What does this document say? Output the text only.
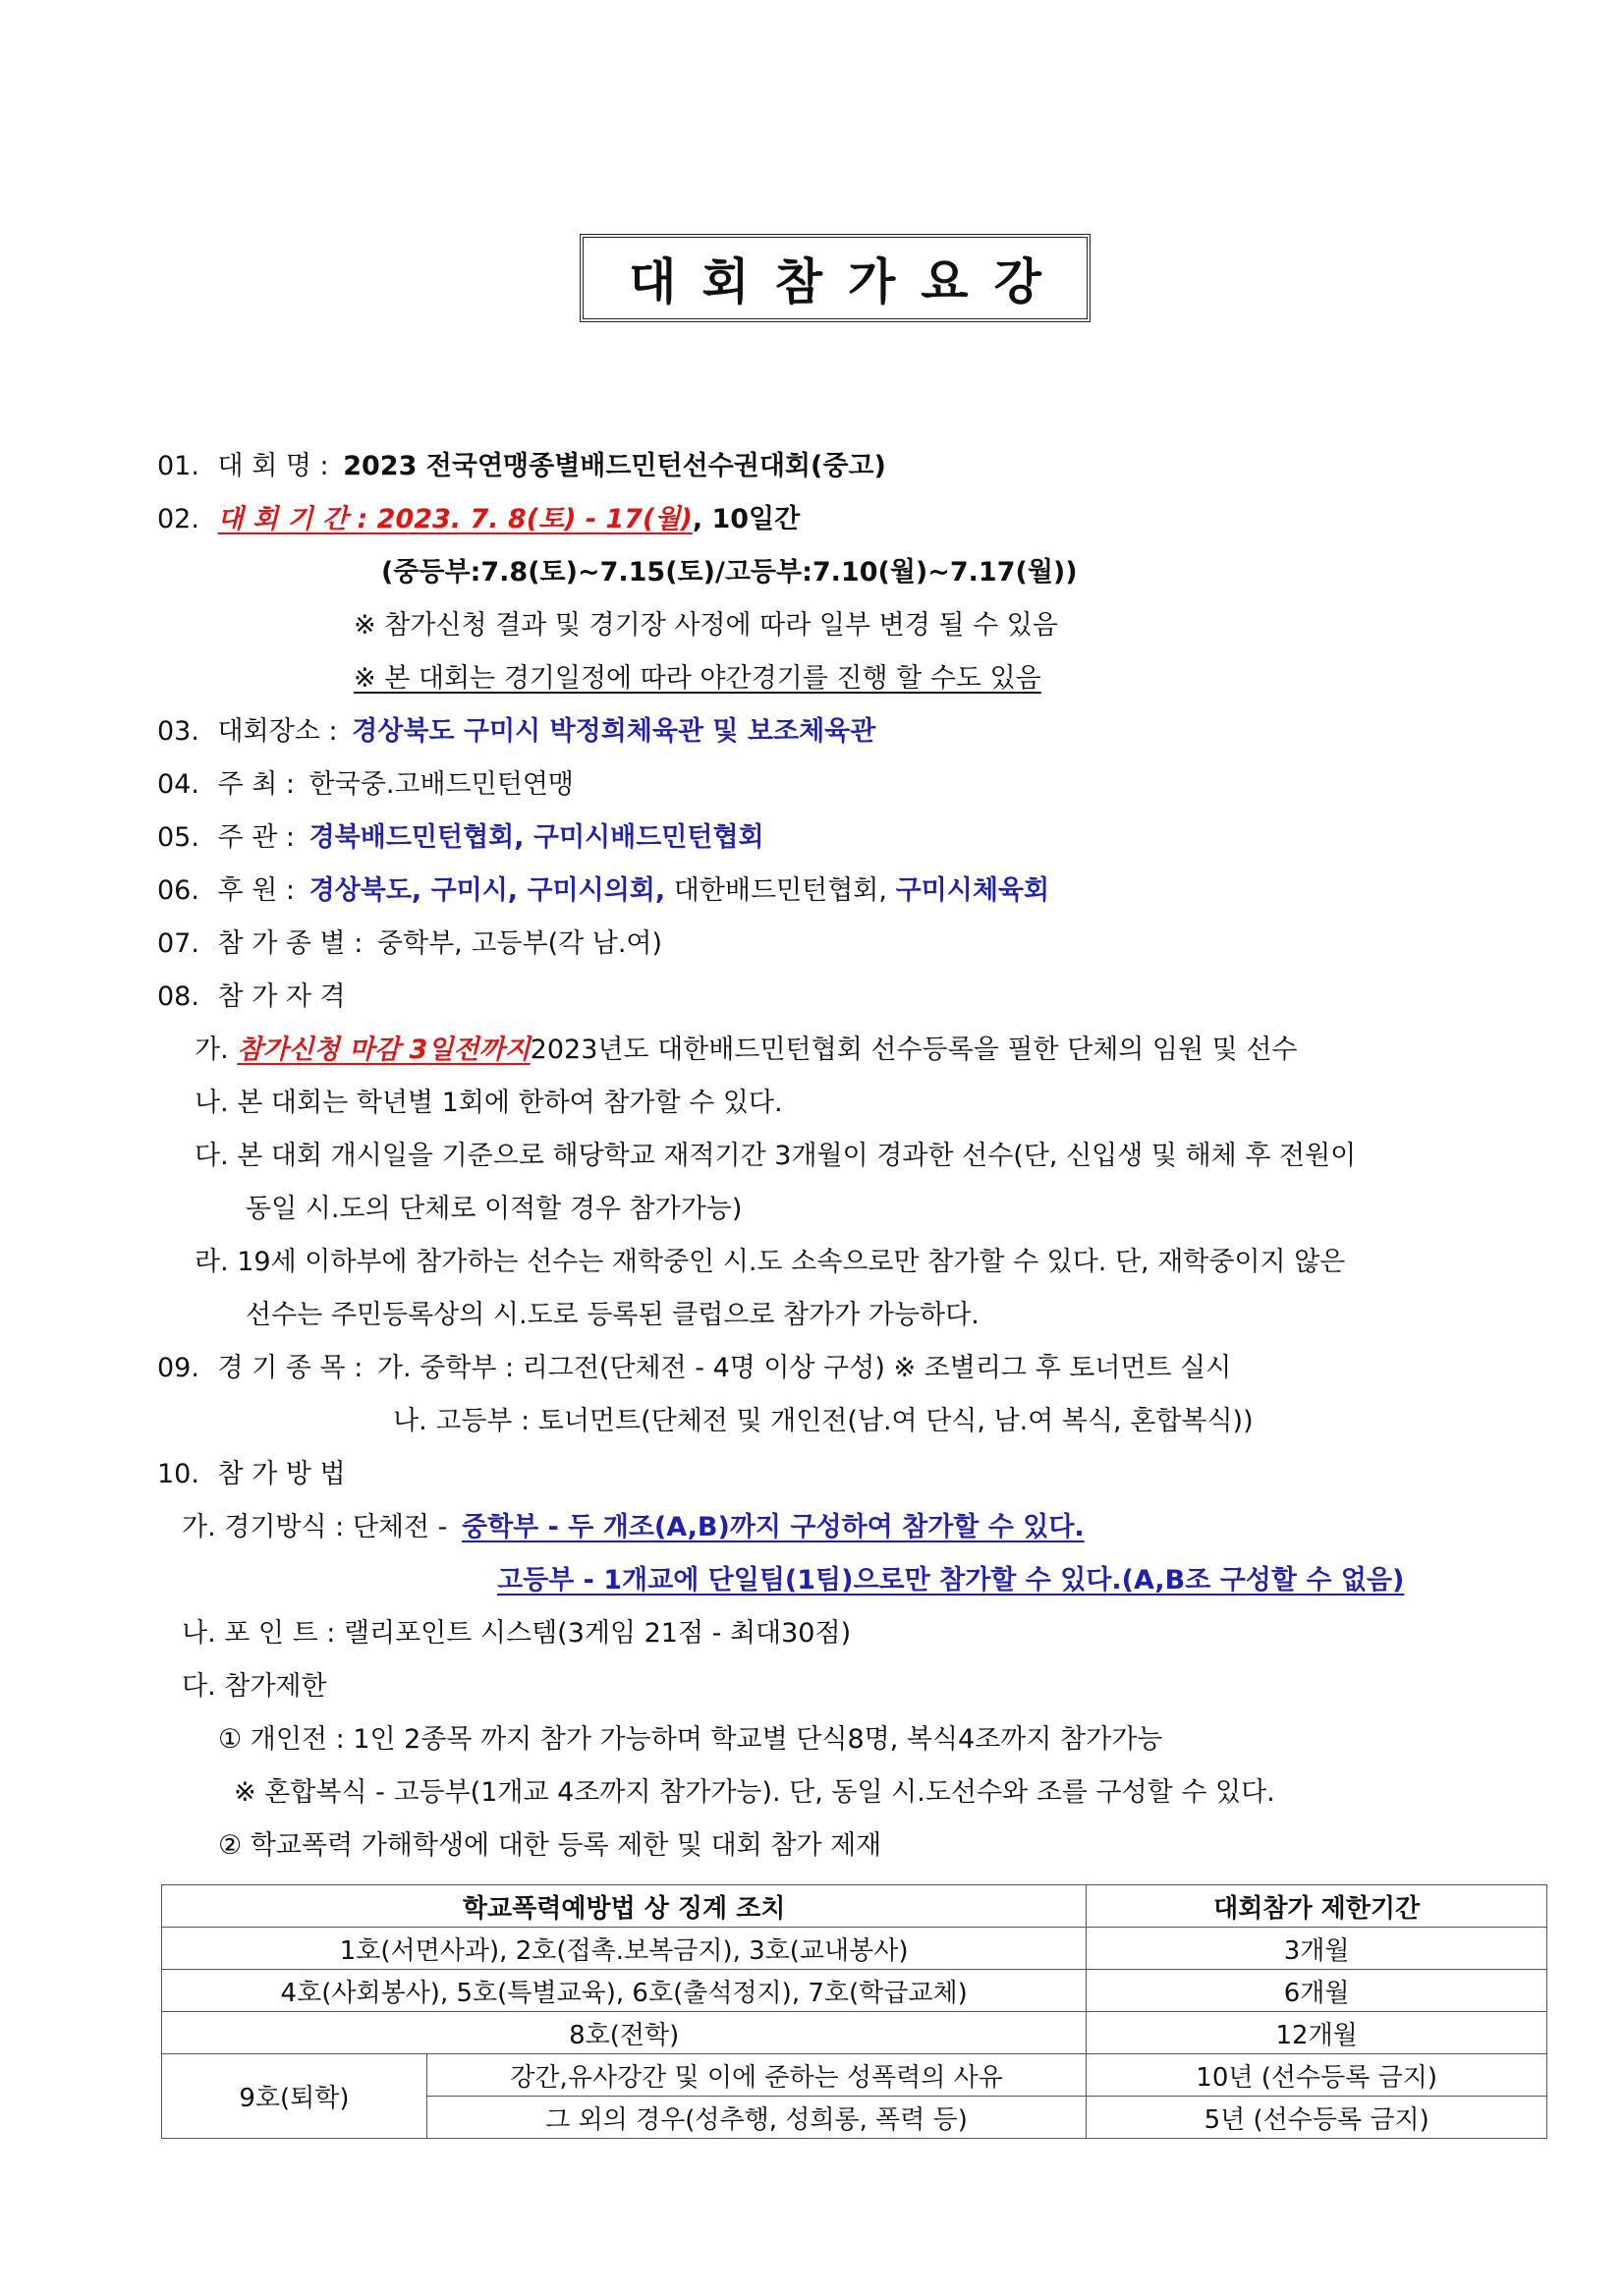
대회참가요강
01. 대 회 명 : 2023 전국연맹종별배드민턴선수권대회(중고)
02. 대 회 기 간 : 2023. 7. 8(토) - 17(월), 10일간
(중등부:7.8(토)~7.15(토)/고등부:7.10(월)~7.17(월))
※ 참가신청 결과 및 경기장 사정에 따라 일부 변경 될 수 있음
※ 본 대회는 경기일정에 따라 야간경기를 진행 할 수도 있음
03. 대회장소 : 경상북도 구미시 박정희체육관 및 보조체육관
04. 주 최 : 한국중.고배드민턴연맹
05. 주 관 : 경북배드민턴협회, 구미시배드민턴협회
06. 후 원 : 경상북도, 구미시, 구미시의회, 대한배드민턴협회, 구미시체육회
07. 참 가 종 별 : 중학부, 고등부(각 남.여)
08. 참 가 자 격
가. 참가신청 마감 3일전까지2023년도 대한배드민턴협회 선수등록을 필한 단체의 임원 및 선수
나. 본 대회는 학년별 1회에 한하여 참가할 수 있다.
다. 본 대회 개시일을 기준으로 해당학교 재적기간 3개월이 경과한 선수(단, 신입생 및 해체 후 전원이
동일 시.도의 단체로 이적할 경우 참가가능)
라. 19세 이하부에 참가하는 선수는 재학중인 시.도 소속으로만 참가할 수 있다. 단, 재학중이지 않은
선수는 주민등록상의 시.도로 등록된 클럽으로 참가가 가능하다.
09. 경 기 종 목 : 가. 중학부 : 리그전(단체전 - 4명 이상 구성) ※ 조별리그 후 토너먼트 실시
나. 고등부 : 토너먼트(단체전 및 개인전(남.여 단식, 남.여 복식, 혼합복식))
10. 참 가 방 법
가. 경기방식 : 단체전 - 중학부 - 두 개조(A,B)까지 구성하여 참가할 수 있다.
고등부 - 1개교에 단일팀(1팀)으로만 참가할 수 있다.(A,B조 구성할 수 없음)
나. 포 인 트 : 랠리포인트 시스템(3게임 21점 - 최대30점)
다. 참가제한
① 개인전 : 1인 2종목 까지 참가 가능하며 학교별 단식8명, 복식4조까지 참가가능
※ 혼합복식 - 고등부(1개교 4조까지 참가가능). 단, 동일 시.도선수와 조를 구성할 수 있다.
② 학교폭력 가해학생에 대한 등록 제한 및 대회 참가 제재
학교폭력예방법 상 징계 조치		대회참가 제한기간
1호(서면사과), 2호(접촉.보복금지), 3호(교내봉사)		3개월
4호(사회봉사), 5호(특별교육), 6호(출석정지), 7호(학급교체)		6개월
8호(전학)		12개월
9호(퇴학)	강간,유사강간 및 이에 준하는 성폭력의 사유	10년 (선수등록 금지)
	그 외의 경우(성추행, 성희롱, 폭력 등)	5년 (선수등록 금지)
